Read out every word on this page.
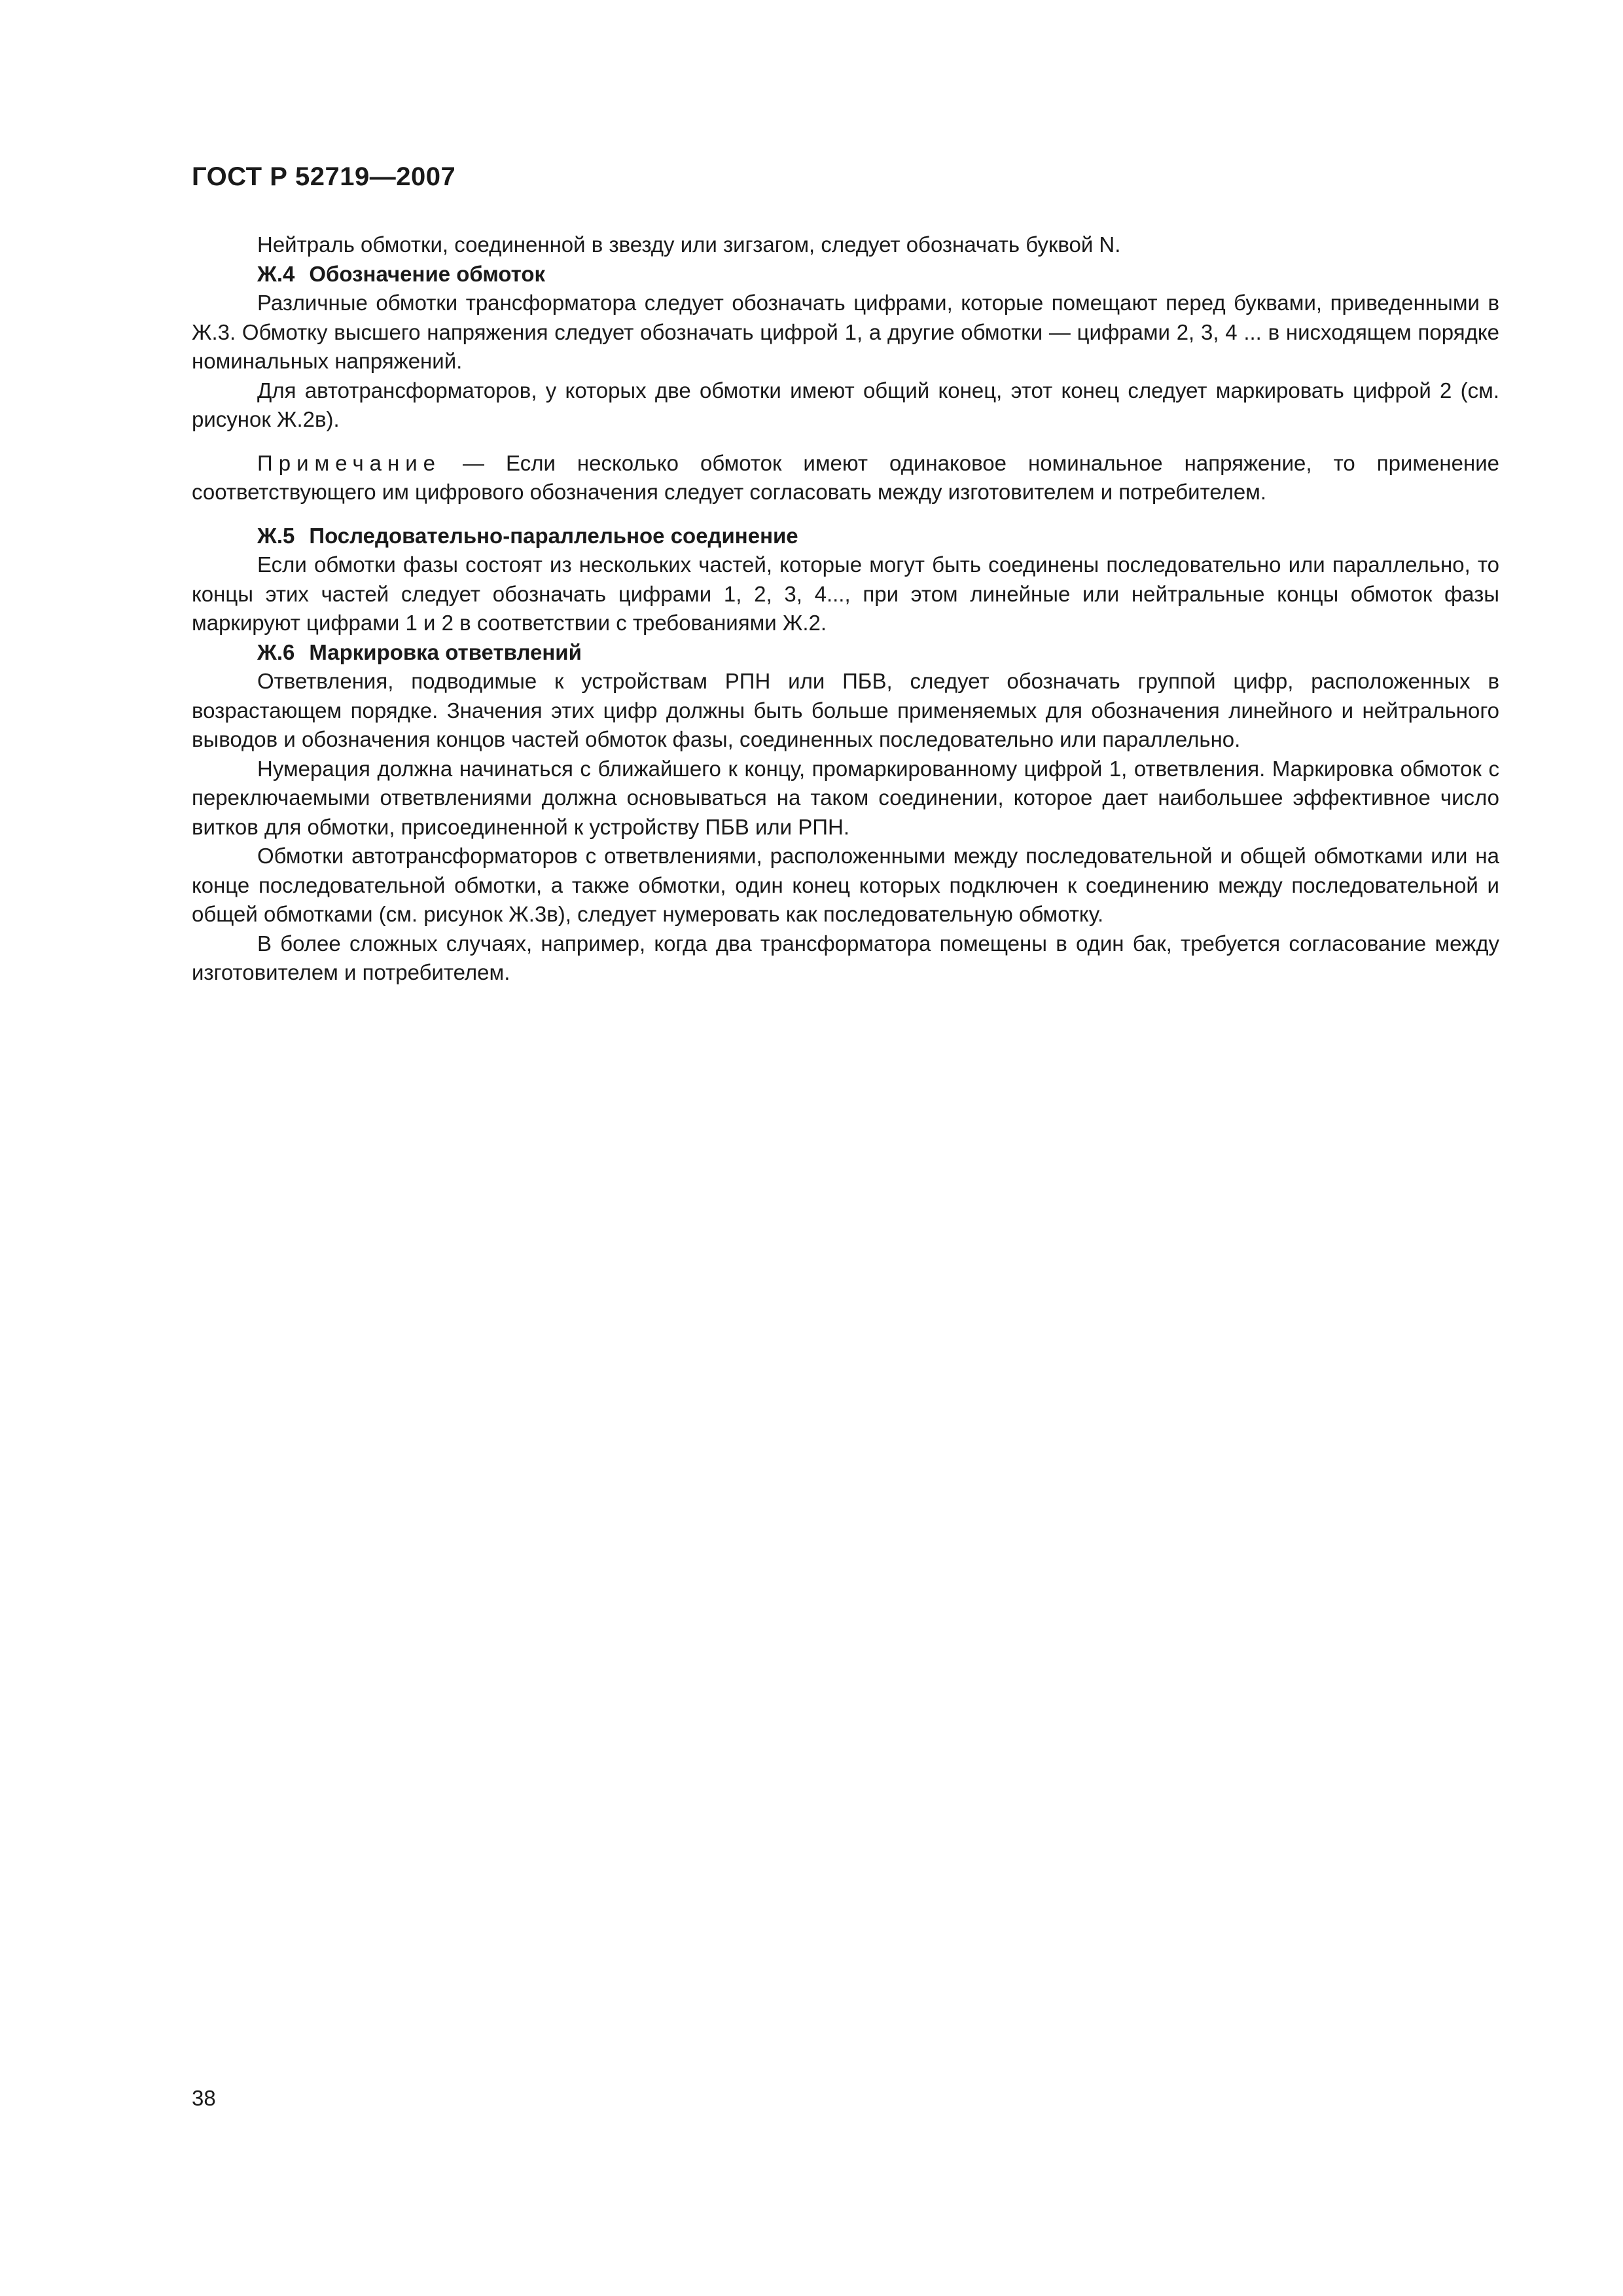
ГОСТ Р 52719—2007

Нейтраль обмотки, соединенной в звезду или зигзагом, следует обозначать буквой N.

Ж.4 Обозначение обмоток

Различные обмотки трансформатора следует обозначать цифрами, которые помещают перед буквами, приведенными в Ж.3. Обмотку высшего напряжения следует обозначать цифрой 1, а другие обмотки — цифрами 2, 3, 4 ... в нисходящем порядке номинальных напряжений.

Для автотрансформаторов, у которых две обмотки имеют общий конец, этот конец следует маркировать цифрой 2 (см. рисунок Ж.2в).

Примечание — Если несколько обмоток имеют одинаковое номинальное напряжение, то применение соответствующего им цифрового обозначения следует согласовать между изготовителем и потребителем.

Ж.5 Последовательно-параллельное соединение

Если обмотки фазы состоят из нескольких частей, которые могут быть соединены последовательно или параллельно, то концы этих частей следует обозначать цифрами 1, 2, 3, 4..., при этом линейные или нейтральные концы обмоток фазы маркируют цифрами 1 и 2 в соответствии с требованиями Ж.2.

Ж.6 Маркировка ответвлений

Ответвления, подводимые к устройствам РПН или ПБВ, следует обозначать группой цифр, расположенных в возрастающем порядке. Значения этих цифр должны быть больше применяемых для обозначения линейного и нейтрального выводов и обозначения концов частей обмоток фазы, соединенных последовательно или параллельно.

Нумерация должна начинаться с ближайшего к концу, промаркированному цифрой 1, ответвления. Маркировка обмоток с переключаемыми ответвлениями должна основываться на таком соединении, которое дает наибольшее эффективное число витков для обмотки, присоединенной к устройству ПБВ или РПН.

Обмотки автотрансформаторов с ответвлениями, расположенными между последовательной и общей обмотками или на конце последовательной обмотки, а также обмотки, один конец которых подключен к соединению между последовательной и общей обмотками (см. рисунок Ж.3в), следует нумеровать как последовательную обмотку.

В более сложных случаях, например, когда два трансформатора помещены в один бак, требуется согласование между изготовителем и потребителем.

38
